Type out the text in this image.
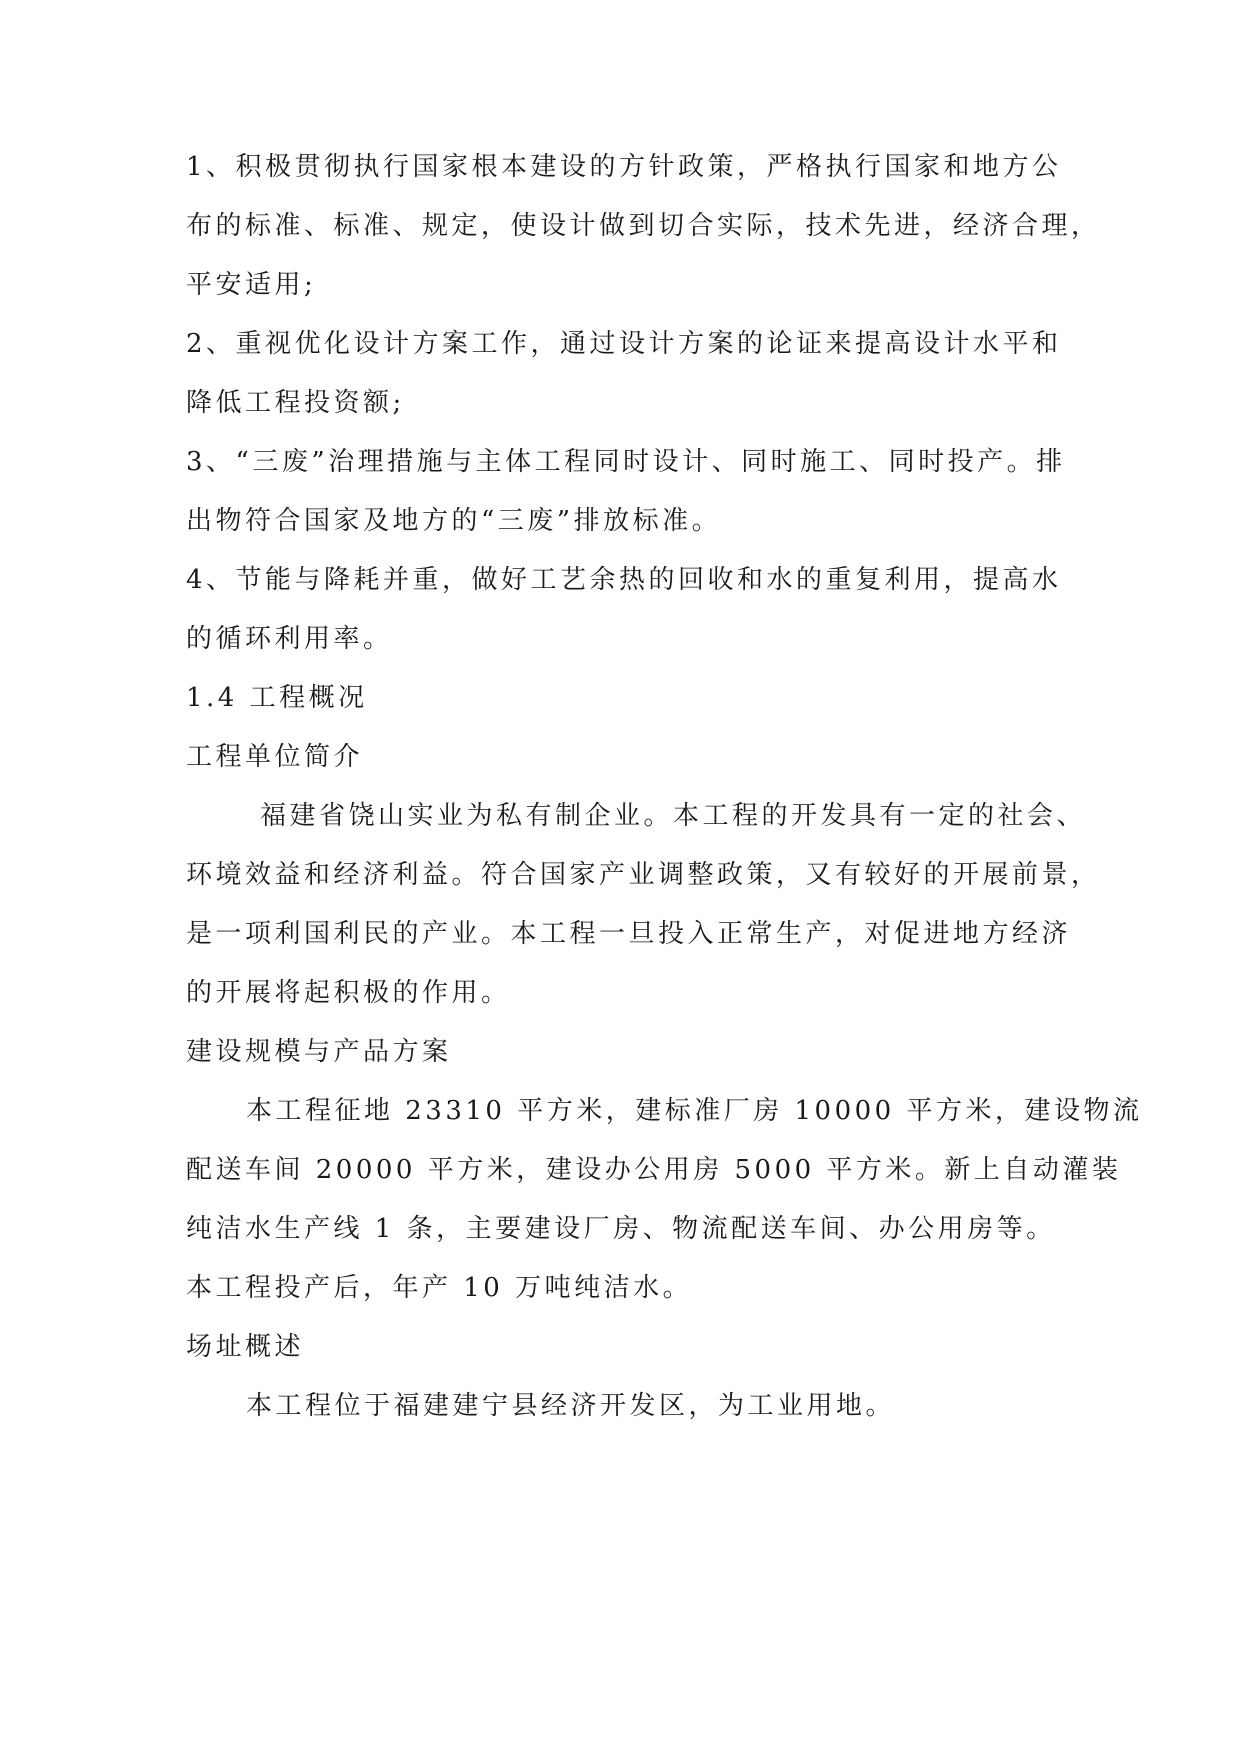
1、积极贯彻执行国家根本建设的方针政策，严格执行国家和地方公

布的标准、标准、规定，使设计做到切合实际，技术先进，经济合理，

平安适用;

2、重视优化设计方案工作，通过设计方案的论证来提高设计水平和

降低工程投资额;

3、“三废”治理措施与主体工程同时设计、同时施工、同时投产。排

出物符合国家及地方的“三废”排放标准。

4、节能与降耗并重，做好工艺余热的回收和水的重复利用，提高水

的循环利用率。

1.4 工程概况

工程单位简介

福建省饶山实业为私有制企业。本工程的开发具有一定的社会、

环境效益和经济利益。符合国家产业调整政策，又有较好的开展前景，

是一项利国利民的产业。本工程一旦投入正常生产，对促进地方经济

的开展将起积极的作用。

建设规模与产品方案

本工程征地 23310 平方米，建标准厂房 10000 平方米，建设物流

配送车间 20000 平方米，建设办公用房 5000 平方米。新上自动灌装

纯洁水生产线 1 条，主要建设厂房、物流配送车间、办公用房等。

本工程投产后，年产 10 万吨纯洁水。

场址概述

本工程位于福建建宁县经济开发区，为工业用地。
